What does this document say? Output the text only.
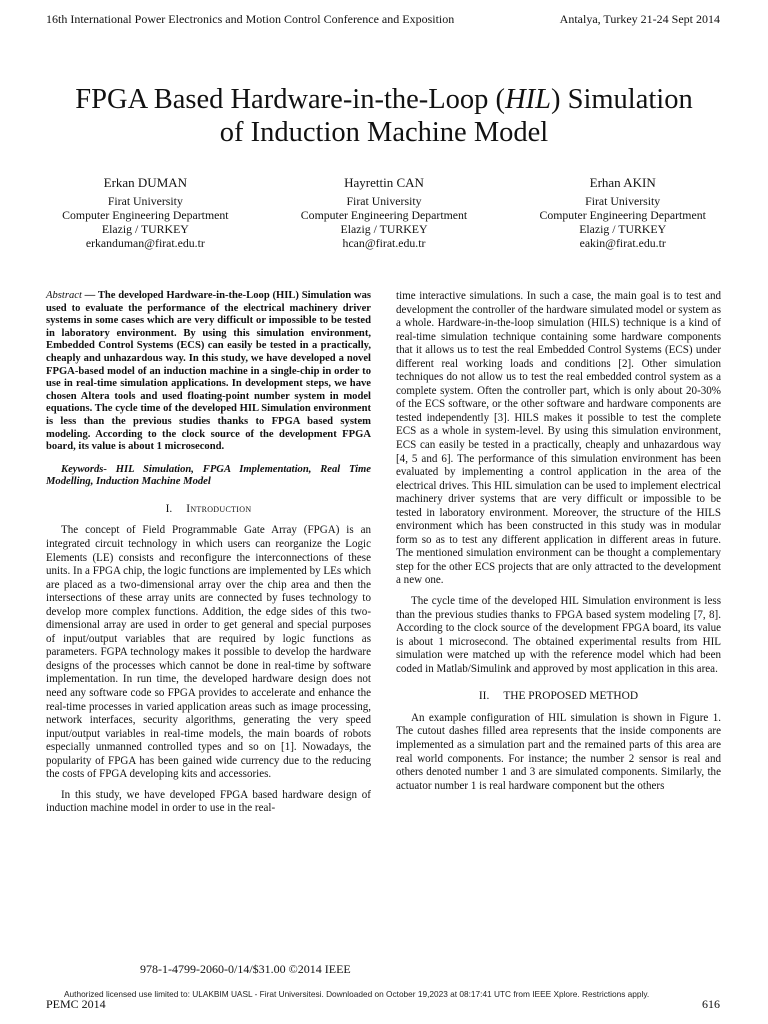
16th International Power Electronics and Motion Control Conference and Exposition	Antalya, Turkey 21-24 Sept 2014
FPGA Based Hardware-in-the-Loop (HIL) Simulation
of Induction Machine Model
Erkan DUMAN
Firat University
Computer Engineering Department
Elazig / TURKEY
erkanduman@firat.edu.tr
Hayrettin CAN
Firat University
Computer Engineering Department
Elazig / TURKEY
hcan@firat.edu.tr
Erhan AKIN
Firat University
Computer Engineering Department
Elazig / TURKEY
eakin@firat.edu.tr

Abstract — The developed Hardware-in-the-Loop (HIL) Simulation was used to evaluate the performance of the electrical machinery driver systems in some cases which are very difficult or impossible to be tested in laboratory environment. By using this simulation environment, Embedded Control Systems (ECS) can easily be tested in a practically, cheaply and unhazardous way. In this study, we have developed a novel FPGA-based model of an induction machine in a single-chip in order to use in real-time simulation applications. In development steps, we have chosen Altera tools and used floating-point number system in model equations. The cycle time of the developed HIL Simulation environment is less than the previous studies thanks to FPGA based system modeling. According to the clock source of the development FPGA board, its value is about 1 microsecond.

Keywords- HIL Simulation, FPGA Implementation, Real Time Modelling, Induction Machine Model

I. Introduction

The concept of Field Programmable Gate Array (FPGA) is an integrated circuit technology in which users can reorganize the Logic Elements (LE) consists and reconfigure the interconnections of these units. In a FPGA chip, the logic functions are implemented by LEs which are placed as a two-dimensional array over the chip area and then the intersections of these array units are connected by fuses technology to develop more complex functions. Addition, the edge sides of this two-dimensional array are used in order to get general and special purposes of input/output variables that are required by logic functions as parameters. FGPA technology makes it possible to develop the hardware designs of the processes which cannot be done in real-time by software implementation. In run time, the developed hardware design does not need any software code so FPGA provides to accelerate and enhance the real-time processes in varied application areas such as image processing, network interfaces, security algorithms, generating the very speed input/output variables in real-time models, the main boards of robots especially unmanned controlled types and so on [1]. Nowadays, the popularity of FPGA has been gained wide currency due to the reducing the costs of FPGA developing kits and accessories.

In this study, we have developed FPGA based hardware design of induction machine model in order to use in the real-

time interactive simulations. In such a case, the main goal is to test and development the controller of the hardware simulated model or system as a whole. Hardware-in-the-loop simulation (HILS) technique is a kind of real-time simulation technique containing some hardware components that it allows us to test the real Embedded Control Systems (ECS) under different real working loads and conditions [2]. Other simulation techniques do not allow us to test the real embedded control system as a complete system. Often the controller part, which is only about 20-30% of the ECS software, or the other software and hardware components are tested independently [3]. HILS makes it possible to test the complete ECS as a whole in system-level. By using this simulation environment, ECS can easily be tested in a practically, cheaply and unhazardous way [4, 5 and 6]. The performance of this simulation environment has been evaluated by implementing a control application in the area of the electrical drives. This HIL simulation can be used to implement electrical machinery driver systems that are very difficult or impossible to be tested in laboratory environment. Moreover, the structure of the HILS environment which has been constructed in this study was in modular form so as to test any different application in different areas in future. The mentioned simulation environment can be thought a complementary step for the other ECS projects that are only attracted to the development a new one.

The cycle time of the developed HIL Simulation environment is less than the previous studies thanks to FPGA based system modeling [7, 8]. According to the clock source of the development FPGA board, its value is about 1 microsecond. The obtained experimental results from HIL simulation were matched up with the reference model which had been coded in Matlab/Simulink and approved by most application in this area.

II. THE PROPOSED METHOD

An example configuration of HIL simulation is shown in Figure 1. The cutout dashes filled area represents that the inside components are implemented as a simulation part and the remained parts of this area are real world components. For instance; the number 2 sensor is real and others denoted number 1 and 3 are simulated components. Similarly, the actuator number 1 is real hardware component but the others

978-1-4799-2060-0/14/$31.00 ©2014 IEEE
Authorized licensed use limited to: ULAKBIM UASL - Firat Universitesi. Downloaded on October 19,2023 at 08:17:41 UTC from IEEE Xplore. Restrictions apply.
PEMC 2014	616
